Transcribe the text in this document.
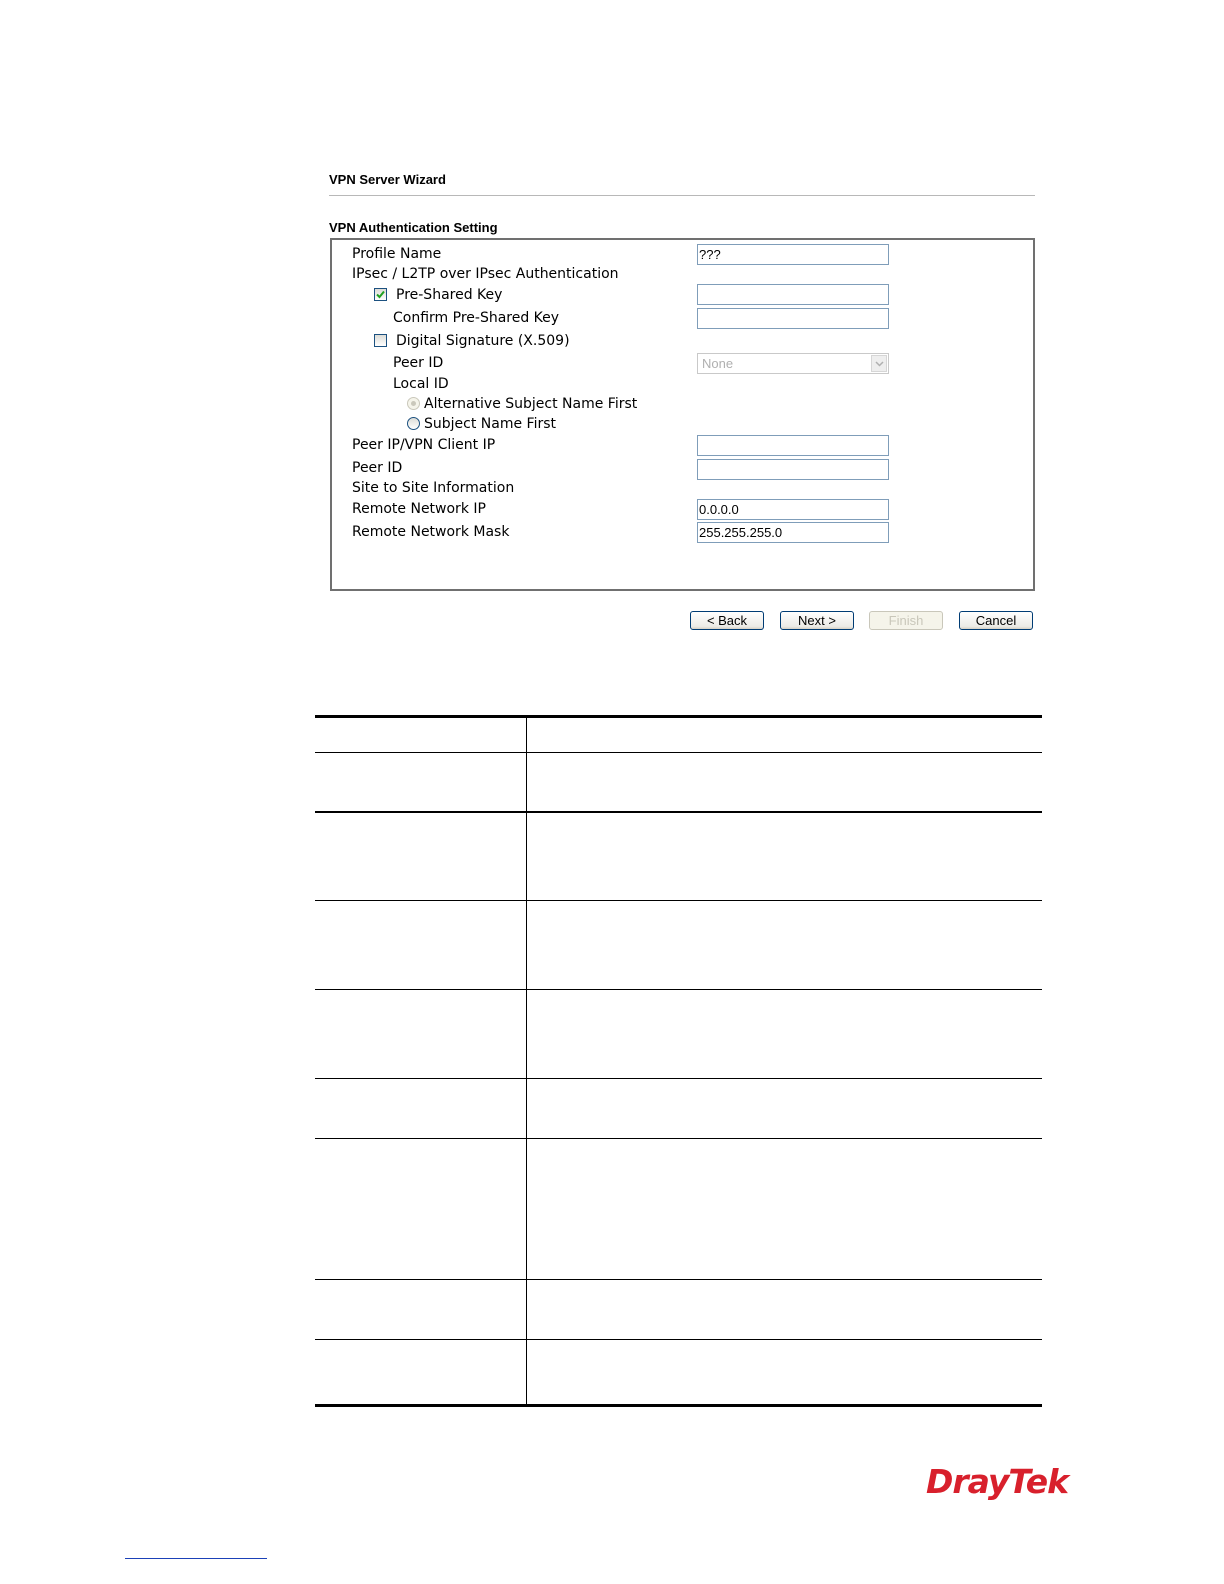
VPN Server Wizard
VPN Authentication Setting
Profile Name	???
IPsec / L2TP over IPsec Authentication
Pre-Shared Key
Confirm Pre-Shared Key
Digital Signature (X.509)
Peer ID	None
Local ID
Alternative Subject Name First
Subject Name First
Peer IP/VPN Client IP
Peer ID
Site to Site Information
Remote Network IP	0.0.0.0
Remote Network Mask	255.255.255.0
< Back	Next >	Finish	Cancel
DrayTek
